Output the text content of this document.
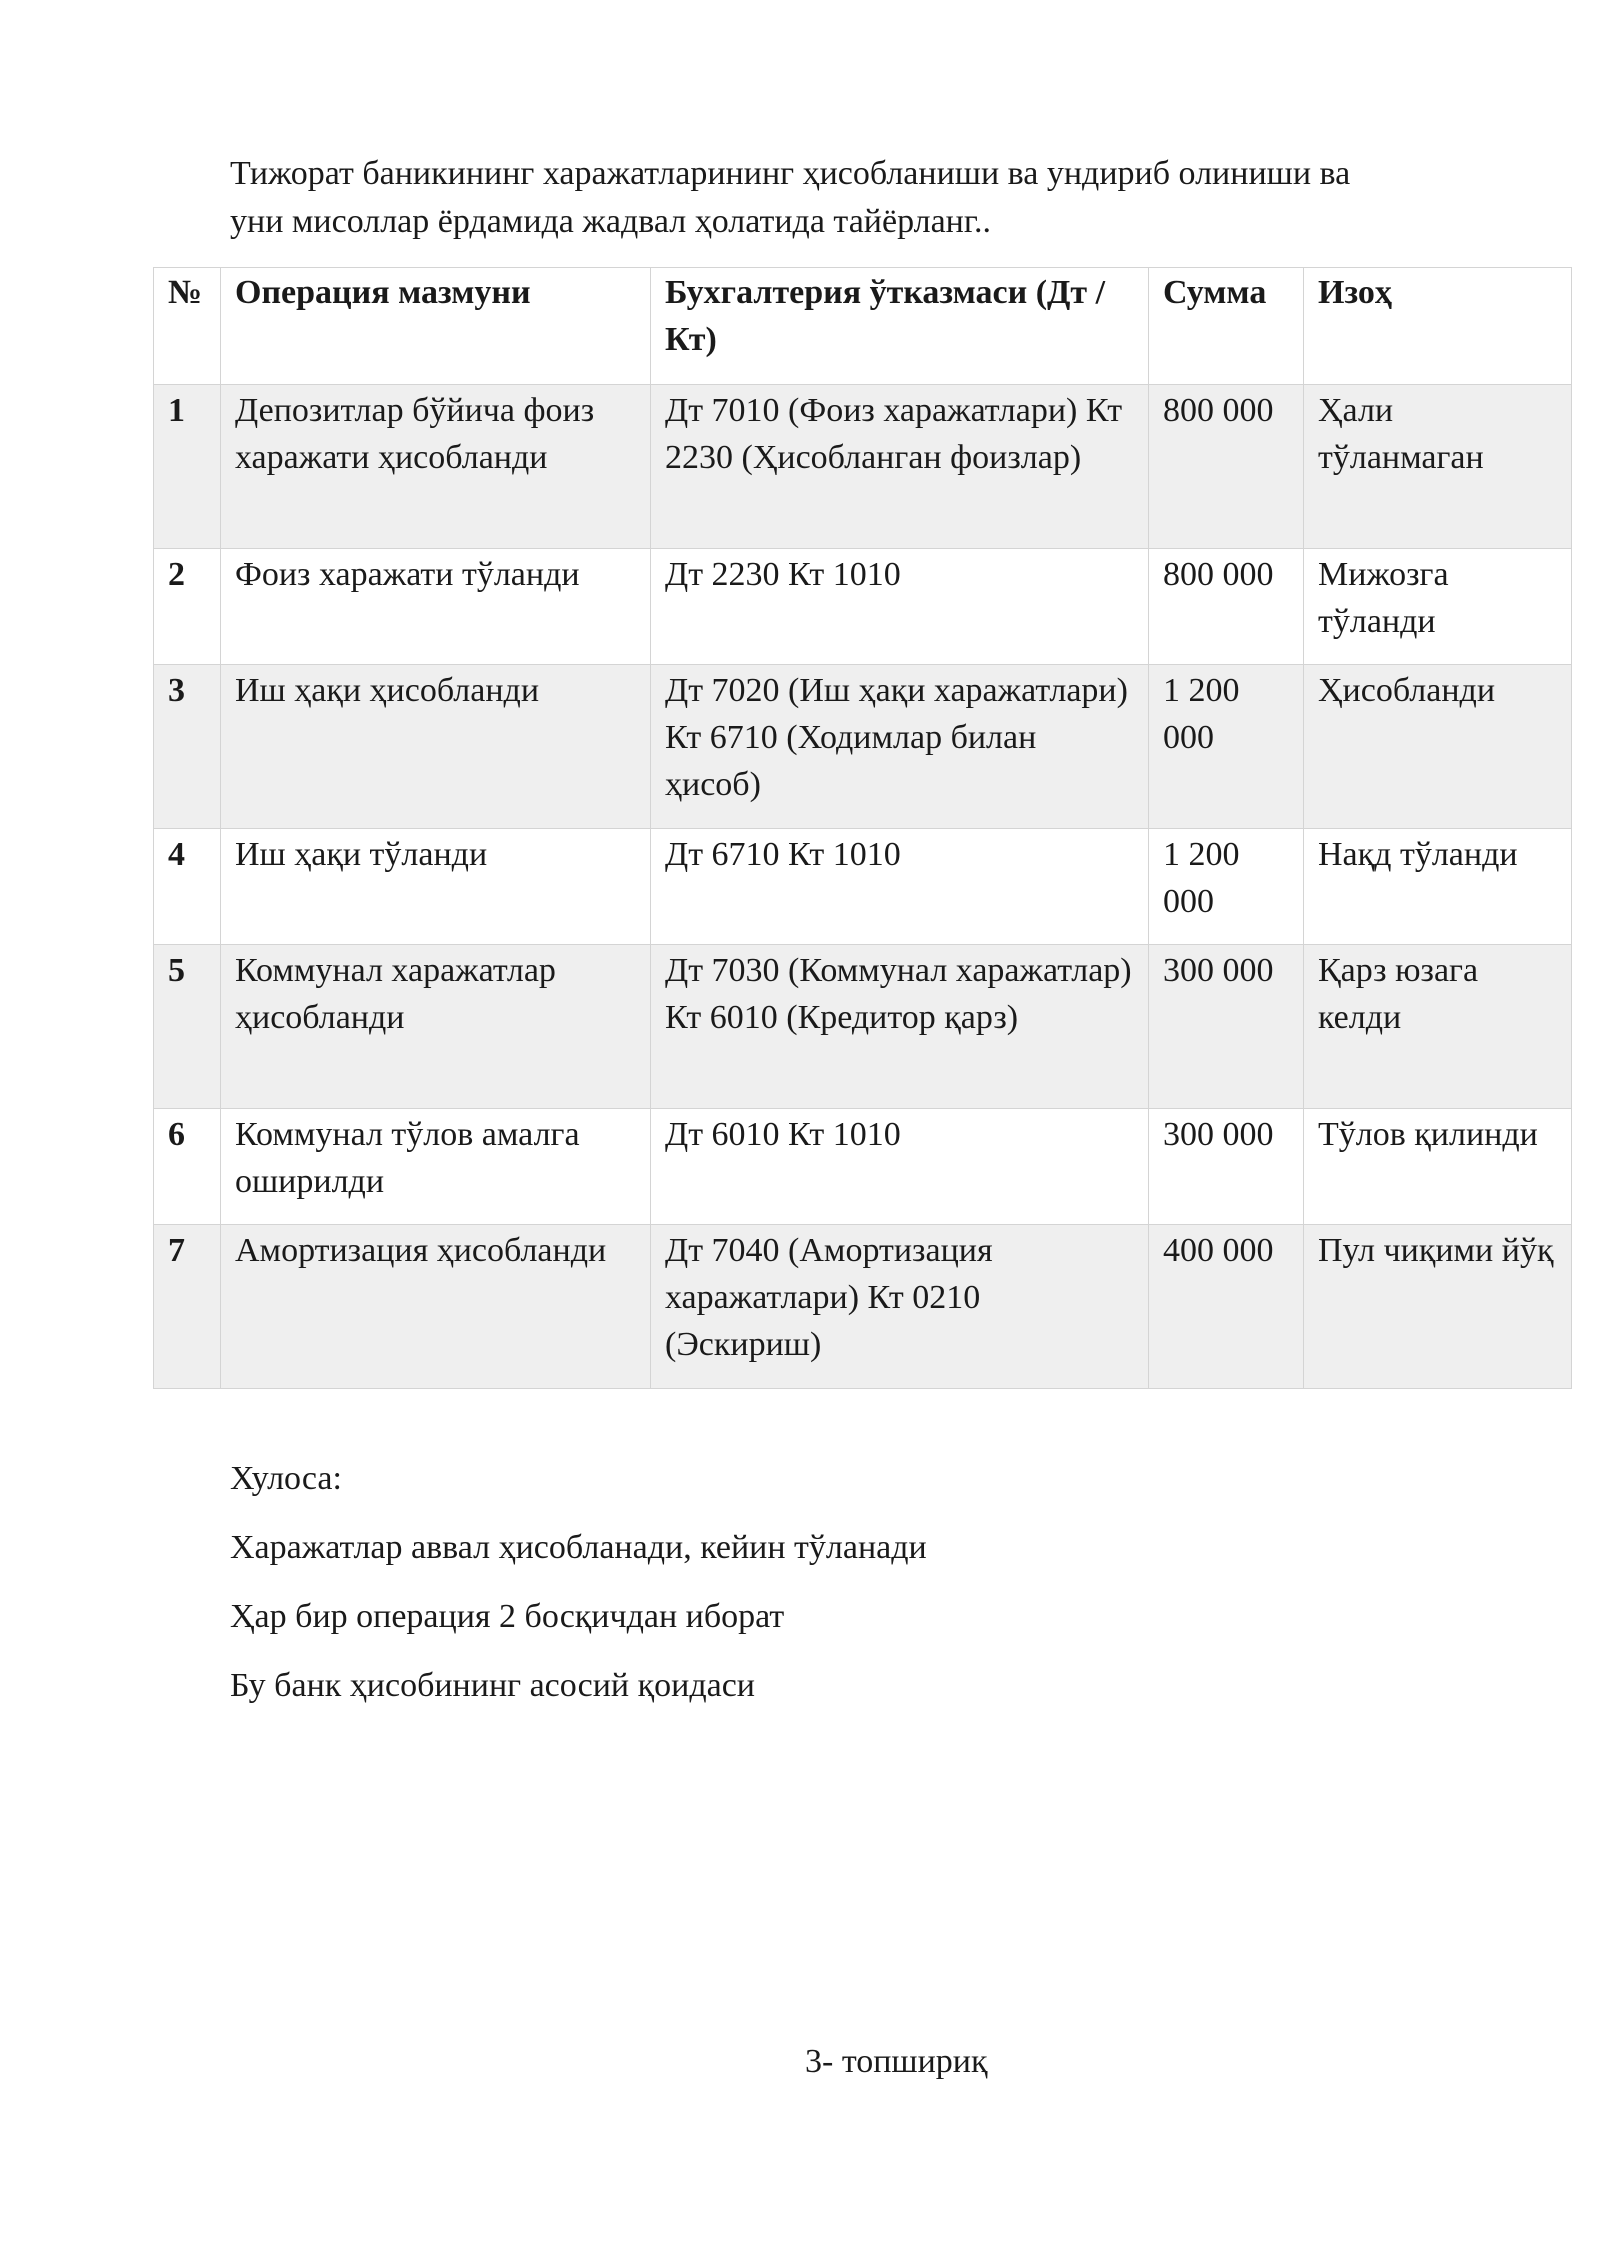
Тижорат баникининг харажатларининг ҳисобланиши ва ундириб олиниши ва
уни мисоллар ёрдамида жадвал ҳолатида тайёрланг..
№	Операция мазмуни	Бухгалтерия ўтказмаси (Дт / Кт)	Сумма	Изоҳ
1	Депозитлар бўйича фоиз харажати ҳисобланди	Дт 7010 (Фоиз харажатлари) Кт 2230 (Ҳисобланган фоизлар)	800 000	Ҳали тўланмаган
2	Фоиз харажати тўланди	Дт 2230 Кт 1010	800 000	Мижозга тўланди
3	Иш ҳақи ҳисобланди	Дт 7020 (Иш ҳақи харажатлари) Кт 6710 (Ходимлар билан ҳисоб)	1 200 000	Ҳисобланди
4	Иш ҳақи тўланди	Дт 6710 Кт 1010	1 200 000	Нақд тўланди
5	Коммунал харажатлар ҳисобланди	Дт 7030 (Коммунал харажатлар) Кт 6010 (Кредитор қарз)	300 000	Қарз юзага келди
6	Коммунал тўлов амалга оширилди	Дт 6010 Кт 1010	300 000	Тўлов қилинди
7	Амортизация ҳисобланди	Дт 7040 (Амортизация харажатлари) Кт 0210 (Эскириш)	400 000	Пул чиқими йўқ
Хулоса:
Харажатлар аввал ҳисобланади, кейин тўланади
Ҳар бир операция 2 босқичдан иборат
Бу банк ҳисобининг асосий қоидаси
3- топшириқ
